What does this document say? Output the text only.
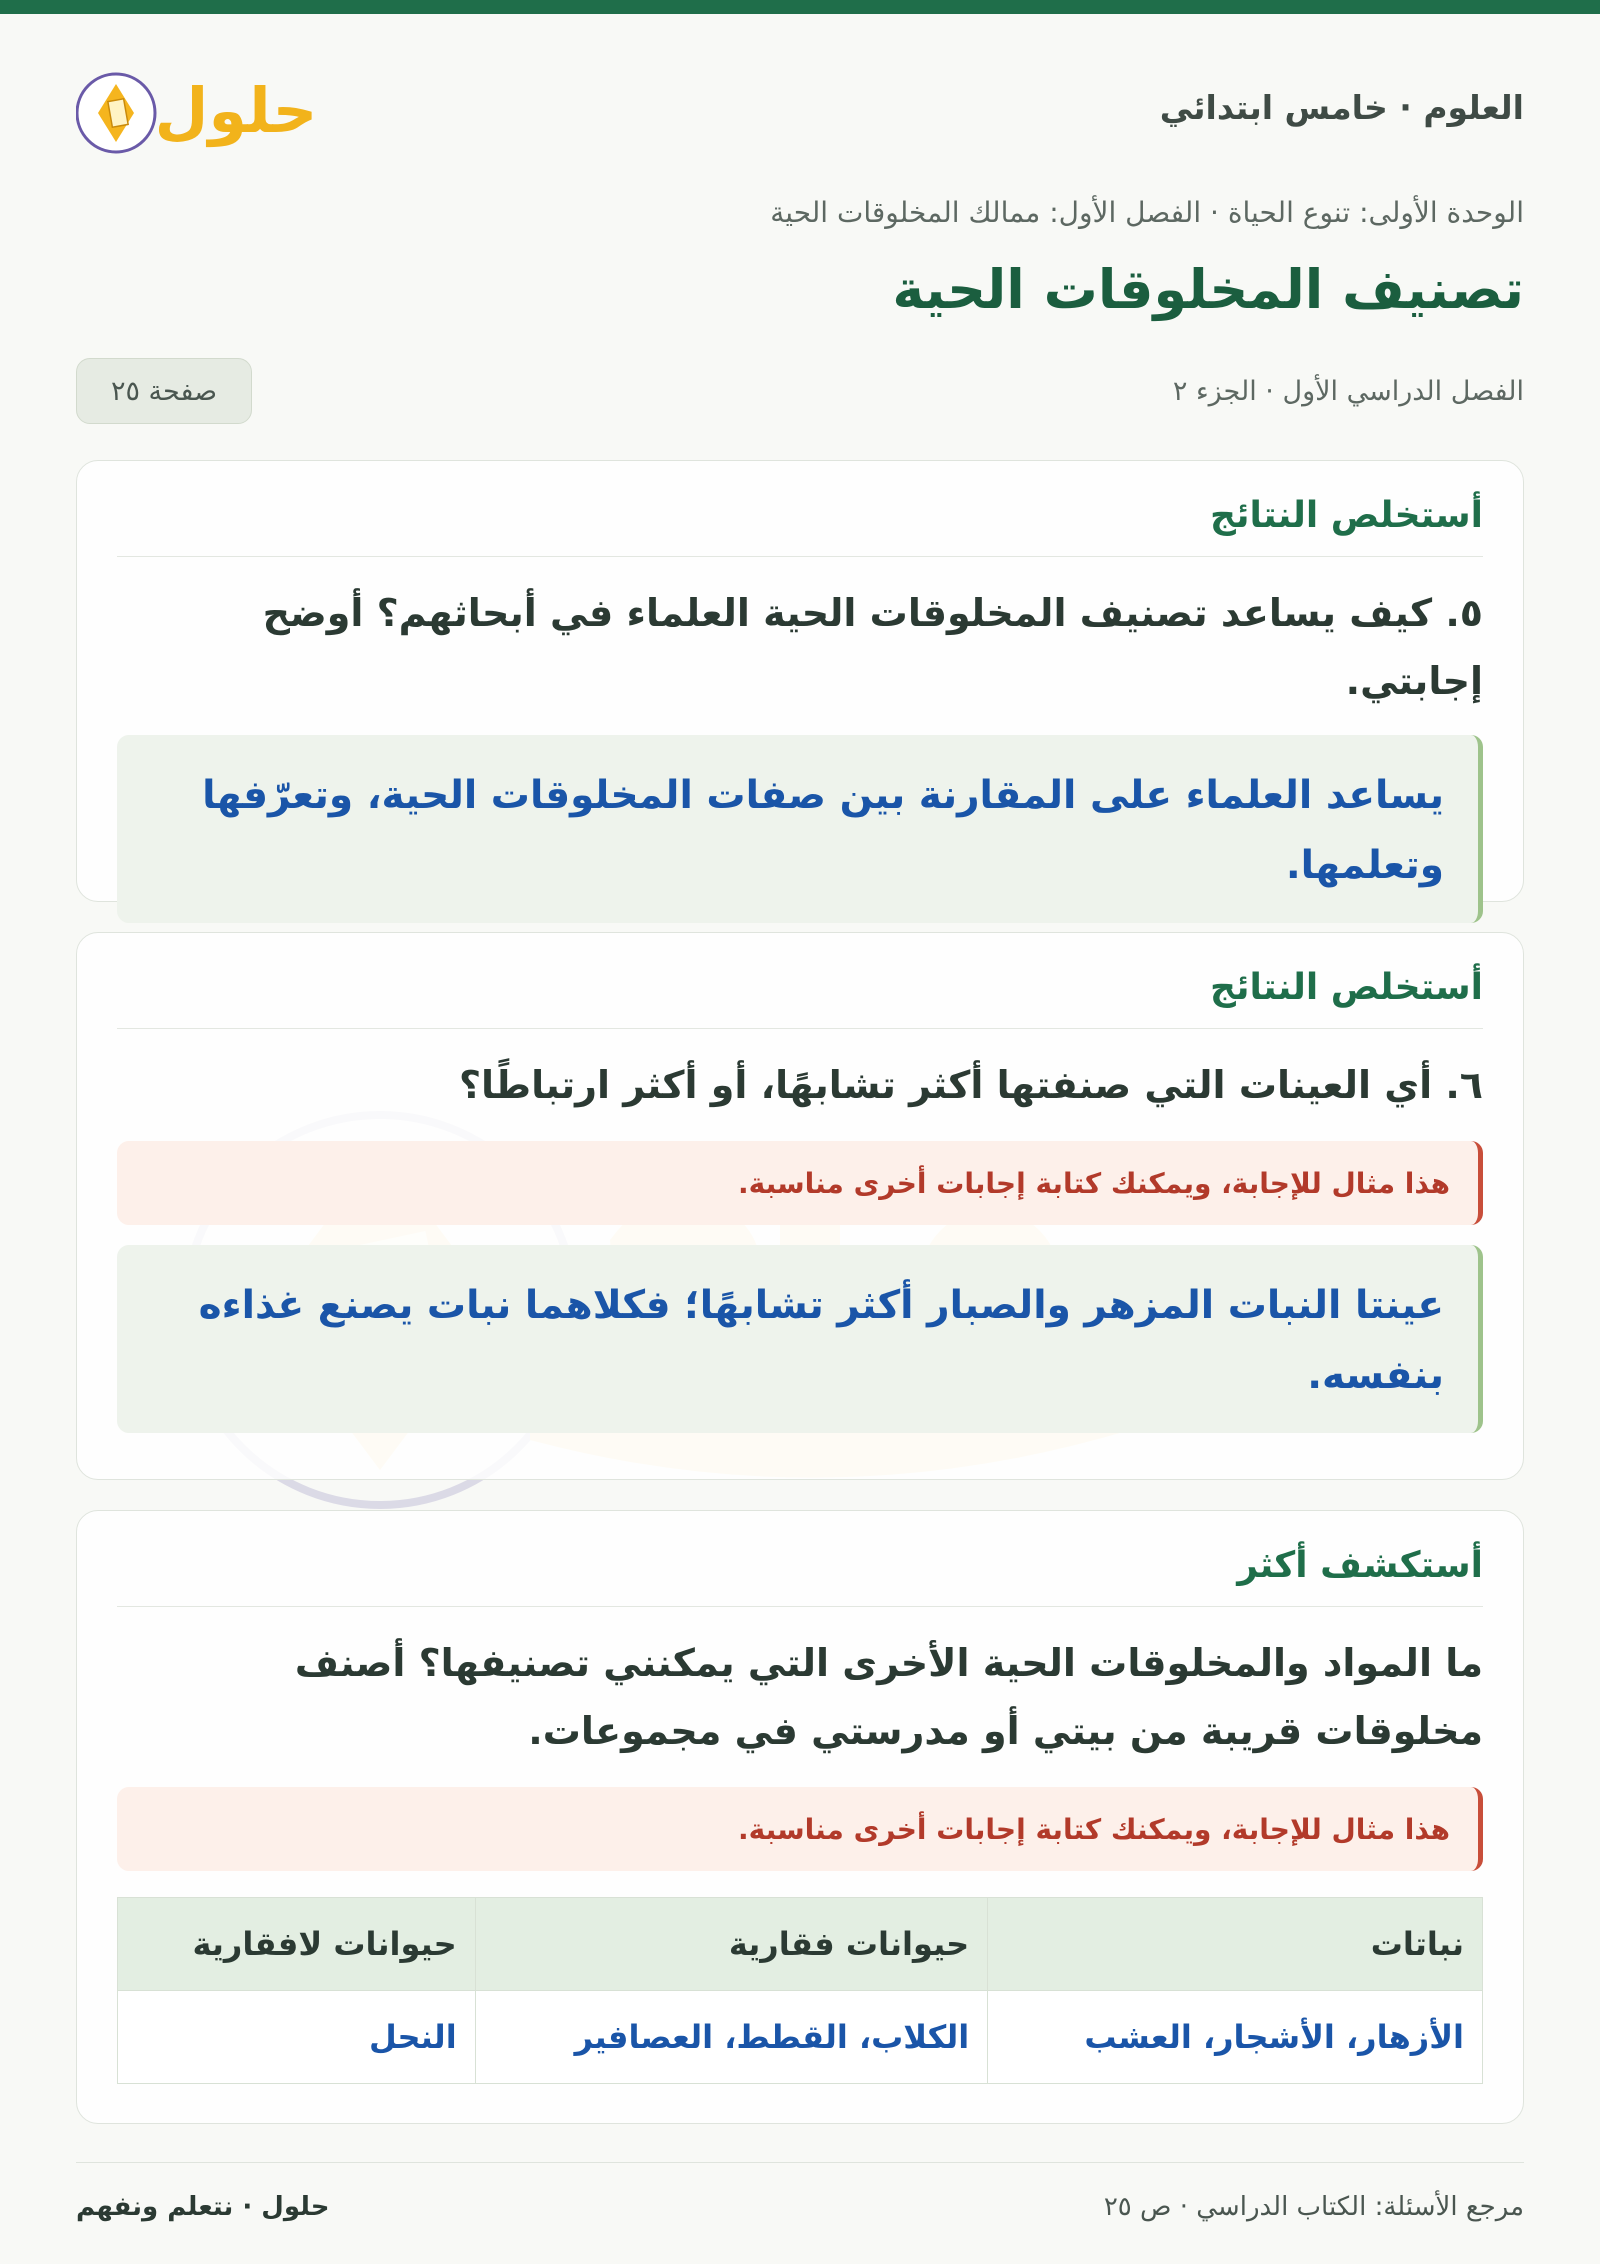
العلوم · خامس ابتدائي
حلول
الوحدة الأولى: تنوع الحياة · الفصل الأول: ممالك المخلوقات الحية
تصنيف المخلوقات الحية
الفصل الدراسي الأول · الجزء ٢
صفحة ٢٥
أستخلص النتائج
٥. كيف يساعد تصنيف المخلوقات الحية العلماء في أبحاثهم؟ أوضح إجابتي.
يساعد العلماء على المقارنة بين صفات المخلوقات الحية، وتعرّفها وتعلمها.
أستخلص النتائج
٦. أي العينات التي صنفتها أكثر تشابهًا، أو أكثر ارتباطًا؟
هذا مثال للإجابة، ويمكنك كتابة إجابات أخرى مناسبة.
عينتا النبات المزهر والصبار أكثر تشابهًا؛ فكلاهما نبات يصنع غذاءه بنفسه.
أستكشف أكثر
ما المواد والمخلوقات الحية الأخرى التي يمكنني تصنيفها؟ أصنف مخلوقات قريبة من بيتي أو مدرستي في مجموعات.
هذا مثال للإجابة، ويمكنك كتابة إجابات أخرى مناسبة.
نباتات	حيوانات فقارية	حيوانات لافقارية
الأزهار، الأشجار، العشب	الكلاب، القطط، العصافير	النحل
مرجع الأسئلة: الكتاب الدراسي · ص ٢٥
حلول · نتعلم ونفهم
